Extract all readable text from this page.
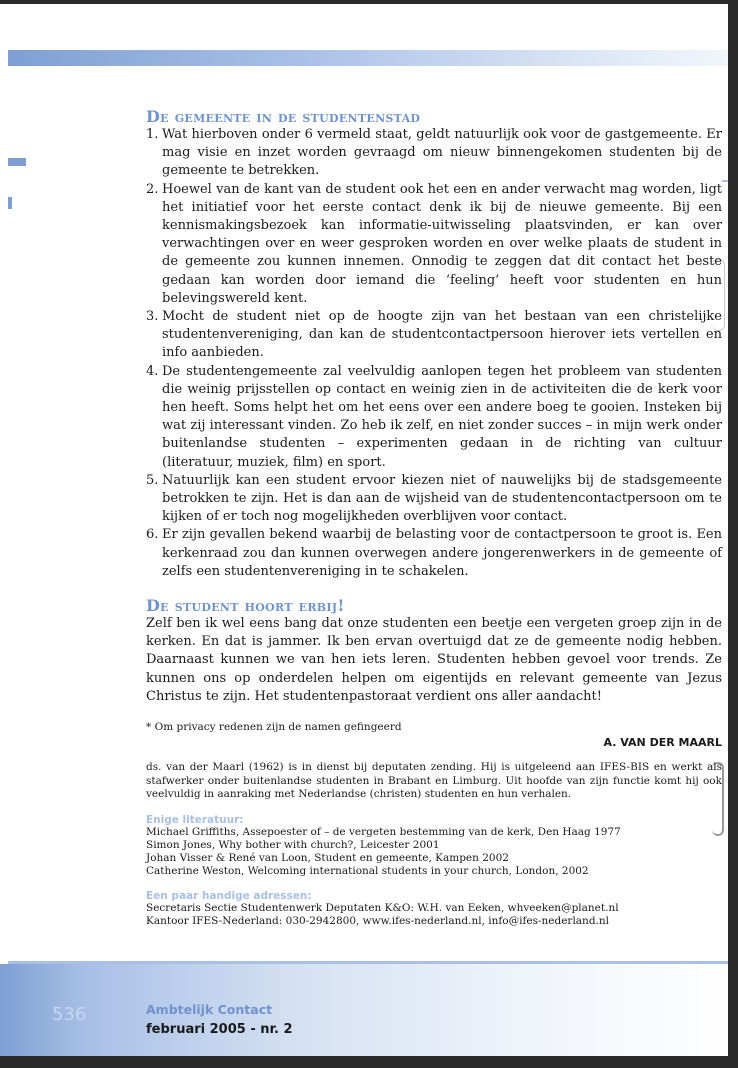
De gemeente in de studentenstad
1. Wat hierboven onder 6 vermeld staat, geldt natuurlijk ook voor de gastgemeente. Er mag visie en inzet worden gevraagd om nieuw binnengekomen studenten bij de gemeente te betrekken.
2. Hoewel van de kant van de student ook het een en ander verwacht mag worden, ligt het initiatief voor het eerste contact denk ik bij de nieuwe gemeente. Bij een kennismakingsbezoek kan informatie-uitwisseling plaatsvinden, er kan over verwachtingen over en weer gesproken worden en over welke plaats de student in de gemeente zou kunnen innemen. Onnodig te zeggen dat dit contact het beste gedaan kan worden door iemand die ‘feeling’ heeft voor studenten en hun belevingswereld kent.
3. Mocht de student niet op de hoogte zijn van het bestaan van een christelijke studentenvereniging, dan kan de studentcontactpersoon hierover iets vertellen en info aanbieden.
4. De studentengemeente zal veelvuldig aanlopen tegen het probleem van studenten die weinig prijsstellen op contact en weinig zien in de activiteiten die de kerk voor hen heeft. Soms helpt het om het eens over een andere boeg te gooien. Insteken bij wat zij interessant vinden. Zo heb ik zelf, en niet zonder succes – in mijn werk onder buitenlandse studenten – experimenten gedaan in de richting van cultuur (literatuur, muziek, film) en sport.
5. Natuurlijk kan een student ervoor kiezen niet of nauwelijks bij de stadsgemeente betrokken te zijn. Het is dan aan de wijsheid van de studentencontactpersoon om te kijken of er toch nog mogelijkheden overblijven voor contact.
6. Er zijn gevallen bekend waarbij de belasting voor de contactpersoon te groot is. Een kerkenraad zou dan kunnen overwegen andere jongerenwerkers in de gemeente of zelfs een studentenvereniging in te schakelen.
De student hoort erbij!

Zelf ben ik wel eens bang dat onze studenten een beetje een vergeten groep zijn in de kerken. En dat is jammer. Ik ben ervan overtuigd dat ze de gemeente nodig hebben. Daarnaast kunnen we van hen iets leren. Studenten hebben gevoel voor trends. Ze kunnen ons op onderdelen helpen om eigentijds en relevant gemeente van Jezus Christus te zijn. Het studentenpastoraat verdient ons aller aandacht!

* Om privacy redenen zijn de namen gefingeerd
A. VAN DER MAARL
ds. van der Maarl (1962) is in dienst bij deputaten zending. Hij is uitgeleend aan IFES-BIS en werkt als stafwerker onder buitenlandse studenten in Brabant en Limburg. Uit hoofde van zijn functie komt hij ook veelvuldig in aanraking met Nederlandse (christen) studenten en hun verhalen.
Enige literatuur:
Michael Griffiths, Assepoester of – de vergeten bestemming van de kerk, Den Haag 1977
Simon Jones, Why bother with church?, Leicester 2001
Johan Visser & René van Loon, Student en gemeente, Kampen 2002
Catherine Weston, Welcoming international students in your church, London, 2002
Een paar handige adressen:
Secretaris Sectie Studentenwerk Deputaten K&O: W.H. van Eeken, whveeken@planet.nl
Kantoor IFES-Nederland: 030-2942800, www.ifes-nederland.nl, info@ifes-nederland.nl
536	Ambtelijk Contact
februari 2005 - nr. 2
